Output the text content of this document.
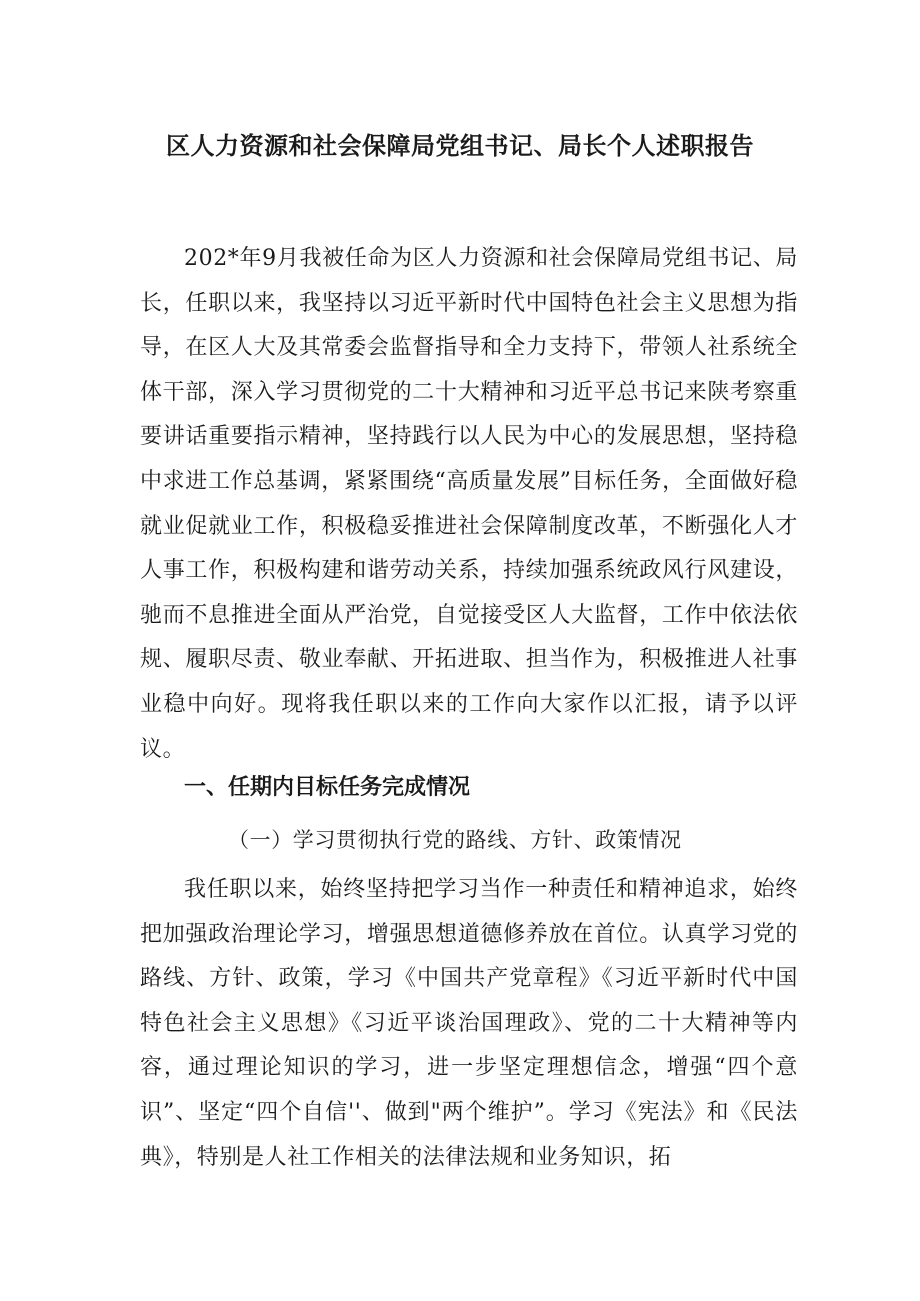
区人力资源和社会保障局党组书记、局长个人述职报告
202*年9月我被任命为区人力资源和社会保障局党组书记、局长，任职以来，我坚持以习近平新时代中国特色社会主义思想为指导，在区人大及其常委会监督指导和全力支持下，带领人社系统全体干部，深入学习贯彻党的二十大精神和习近平总书记来陕考察重要讲话重要指示精神，坚持践行以人民为中心的发展思想，坚持稳中求进工作总基调，紧紧围绕“高质量发展”目标任务，全面做好稳就业促就业工作，积极稳妥推进社会保障制度改革，不断强化人才人事工作，积极构建和谐劳动关系，持续加强系统政风行风建设，驰而不息推进全面从严治党，自觉接受区人大监督，工作中依法依规、履职尽责、敬业奉献、开拓进取、担当作为，积极推进人社事业稳中向好。现将我任职以来的工作向大家作以汇报，请予以评议。
一、任期内目标任务完成情况
（一）学习贯彻执行党的路线、方针、政策情况
我任职以来，始终坚持把学习当作一种责任和精神追求，始终把加强政治理论学习，增强思想道德修养放在首位。认真学习党的路线、方针、政策，学习《中国共产党章程》《习近平新时代中国特色社会主义思想》《习近平谈治国理政》、党的二十大精神等内容，通过理论知识的学习，进一步坚定理想信念，增强“四个意识”、坚定“四个自信''、做到"两个维护”。学习《宪法》和《民法典》，特别是人社工作相关的法律法规和业务知识，拓
